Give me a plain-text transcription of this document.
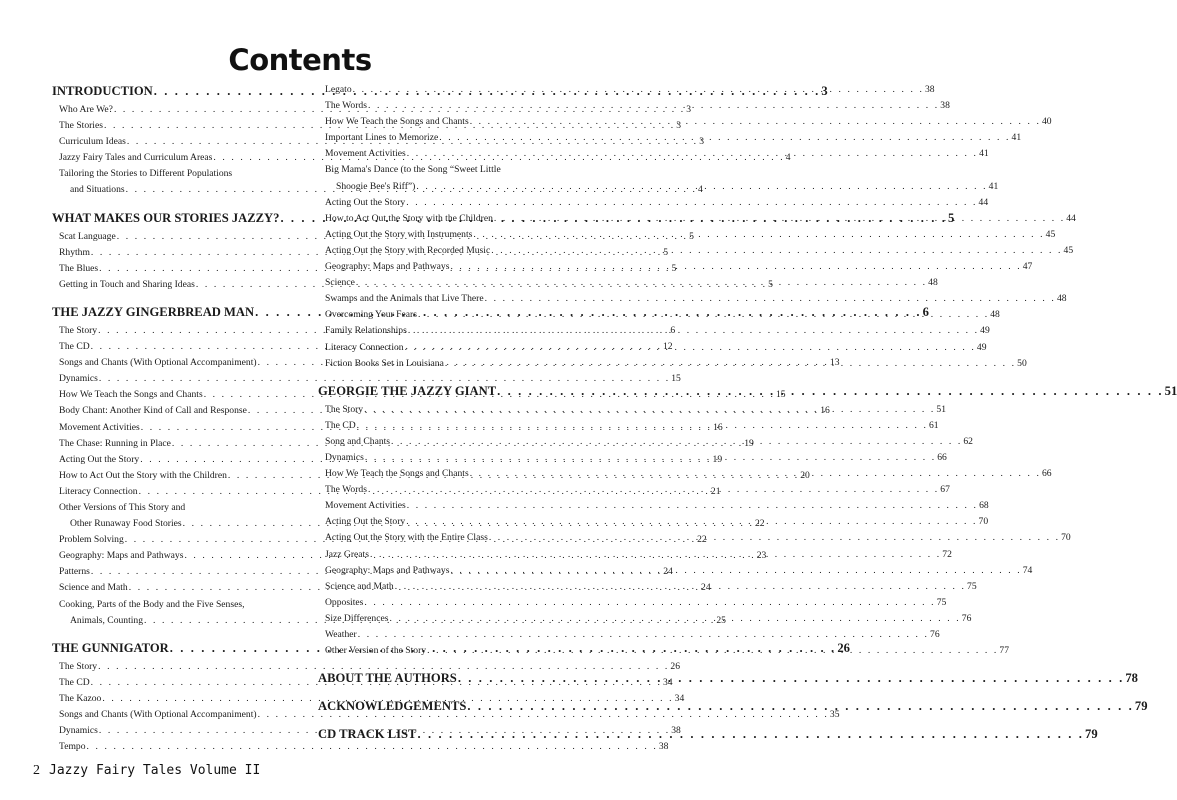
Contents
INTRODUCTION . . .	3
Who Are We? . . .	3
The Stories . . .	3
Curriculum Ideas . . .	3
Jazzy Fairy Tales and Curriculum Areas . . .	4
Tailoring the Stories to Different Populations
and Situations . . .	4
WHAT MAKES OUR STORIES JAZZY? . . .	5
Scat Language . . .	5
Rhythm . . .	5
The Blues . . .	5
Getting in Touch and Sharing Ideas . . .	5
THE JAZZY GINGERBREAD MAN . . .	6
The Story . . .	6
The CD . . .	12
Songs and Chants (With Optional Accompaniment) . . .	13
Dynamics . . .	15
How We Teach the Songs and Chants . . .	15
Body Chant: Another Kind of Call and Response . . .	16
Movement Activities . . .	16
The Chase: Running in Place . . .	19
Acting Out the Story . . .	19
How to Act Out the Story with the Children . . .	20
Literacy Connection . . .	21
Other Versions of This Story and
Other Runaway Food Stories . . .	22
Problem Solving . . .	22
Geography: Maps and Pathways . . .	23
Patterns . . .	24
Science and Math . . .	24
Cooking, Parts of the Body and the Five Senses,
Animals, Counting . . .	25
THE GUNNIGATOR . . .	26
The Story . . .	26
The CD . . .	34
The Kazoo . . .	34
Songs and Chants (With Optional Accompaniment) . . .	35
Dynamics . . .	38
Tempo . . .	38
Legato . . .	38
The Words . . .	38
How We Teach the Songs and Chants . . .	40
Important Lines to Memorize . . .	41
Movement Activities . . .	41
Big Mama's Dance (to the Song “Sweet Little
Shoogie Bee's Riff”) . . .	41
Acting Out the Story . . .	44
How to Act Out the Story with the Children . . .	44
Acting Out the Story with Instruments . . .	45
Acting Out the Story with Recorded Music . . .	45
Geography: Maps and Pathways . . .	47
Science . . .	48
Swamps and the Animals that Live There . . .	48
Overcoming Your Fears . . .	48
Family Relationships . . .	49
Literacy Connection . . .	49
Fiction Books Set in Louisiana . . .	50
GEORGIE THE JAZZY GIANT . . .	51
The Story . . .	51
The CD . . .	61
Song and Chants . . .	62
Dynamics . . .	66
How We Teach the Songs and Chants . . .	66
The Words . . .	67
Movement Activities . . .	68
Acting Out the Story . . .	70
Acting Out the Story with the Entire Class . . .	70
Jazz Greats . . .	72
Geography: Maps and Pathways . . .	74
Science and Math . . .	75
Opposites . . .	75
Size Differences . . .	76
Weather . . .	76
Other Version of the Story . . .	77
ABOUT THE AUTHORS . . .	78
ACKNOWLEDGEMENTS . . .	79
CD TRACK LIST . . .	79
2 Jazzy Fairy Tales Volume II
